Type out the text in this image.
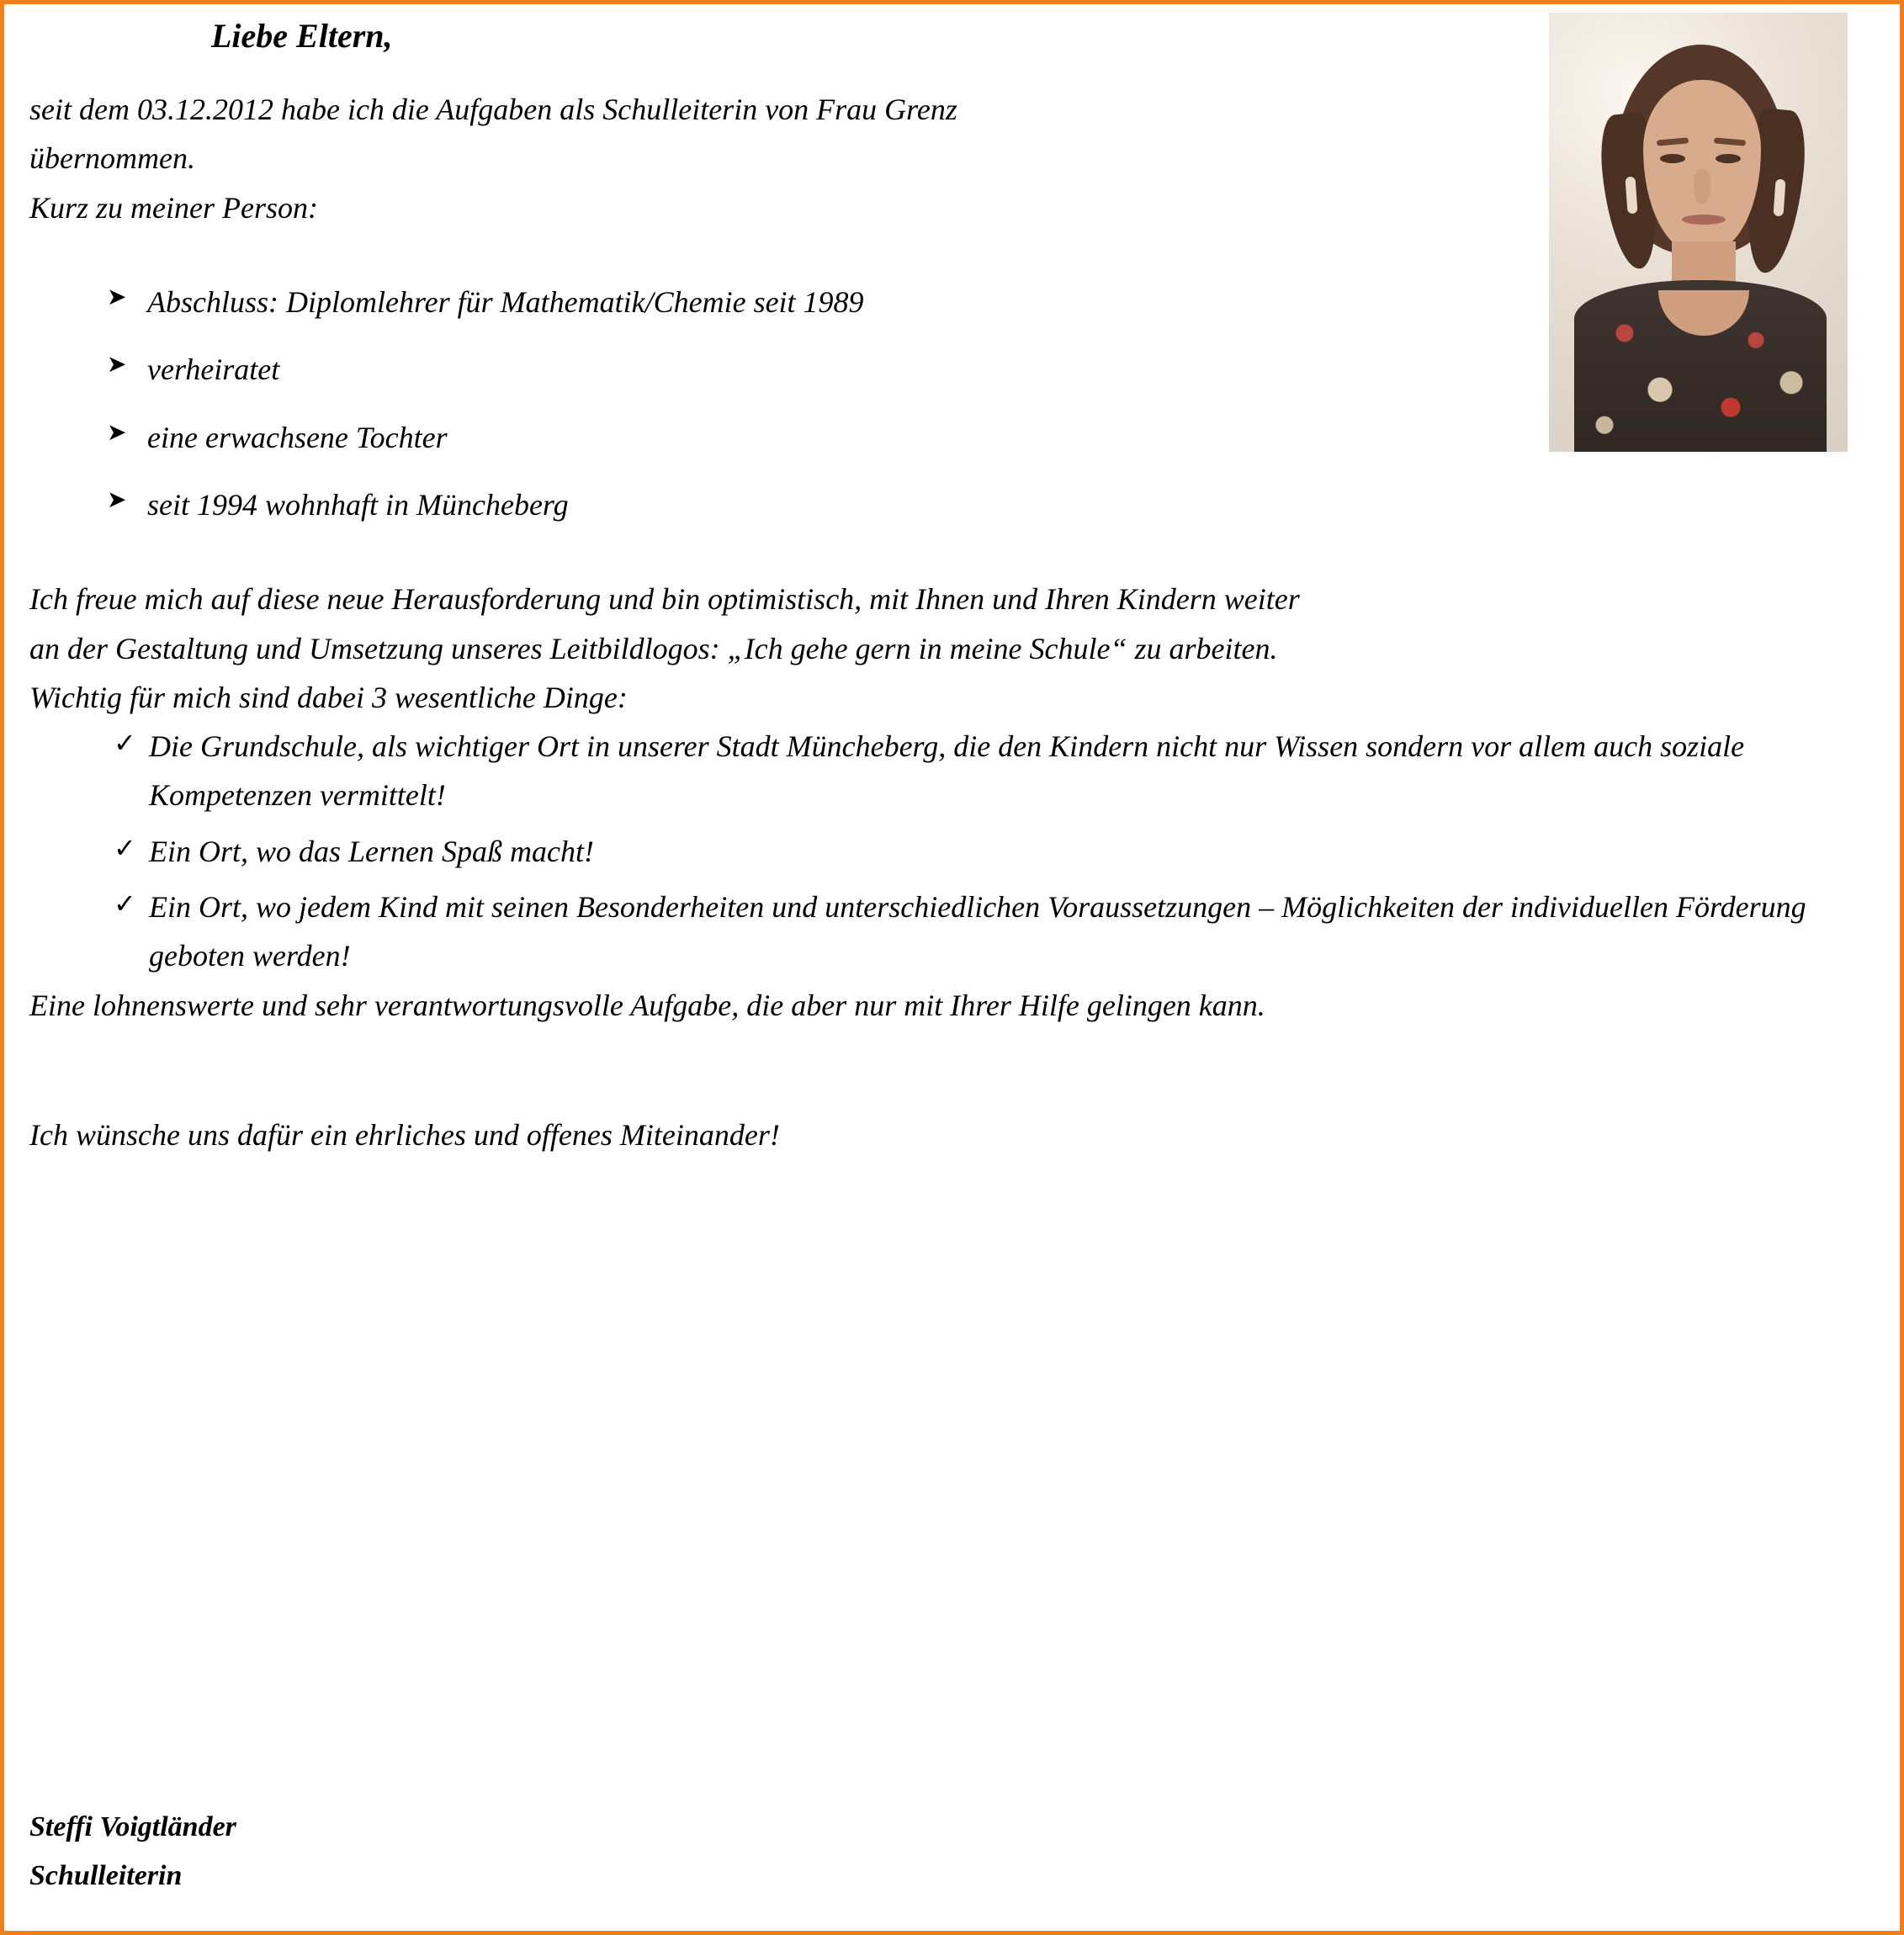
Liebe Eltern,

seit dem 03.12.2012 habe ich die Aufgaben als Schulleiterin von Frau Grenz

übernommen.

Kurz zu meiner Person:

➤ Abschluss: Diplomlehrer für Mathematik/Chemie seit 1989
➤ verheiratet
➤ eine erwachsene Tochter
➤ seit 1994 wohnhaft in Müncheberg

Ich freue mich auf diese neue Herausforderung und bin optimistisch, mit Ihnen und Ihren Kindern weiter

an der Gestaltung und Umsetzung unseres Leitbildlogos: „Ich gehe gern in meine Schule“ zu arbeiten.

Wichtig für mich sind dabei 3 wesentliche Dinge:

✓ Die Grundschule, als wichtiger Ort in unserer Stadt Müncheberg, die den Kindern nicht nur Wissen sondern vor allem auch soziale Kompetenzen vermittelt!
✓ Ein Ort, wo das Lernen Spaß macht!
✓ Ein Ort, wo jedem Kind mit seinen Besonderheiten und unterschiedlichen Voraussetzungen – Möglichkeiten der individuellen Förderung geboten werden!

Eine lohnenswerte und sehr verantwortungsvolle Aufgabe, die aber nur mit Ihrer Hilfe gelingen kann.

Ich wünsche uns dafür ein ehrliches und offenes Miteinander!

Steffi Voigtländer
Schulleiterin
